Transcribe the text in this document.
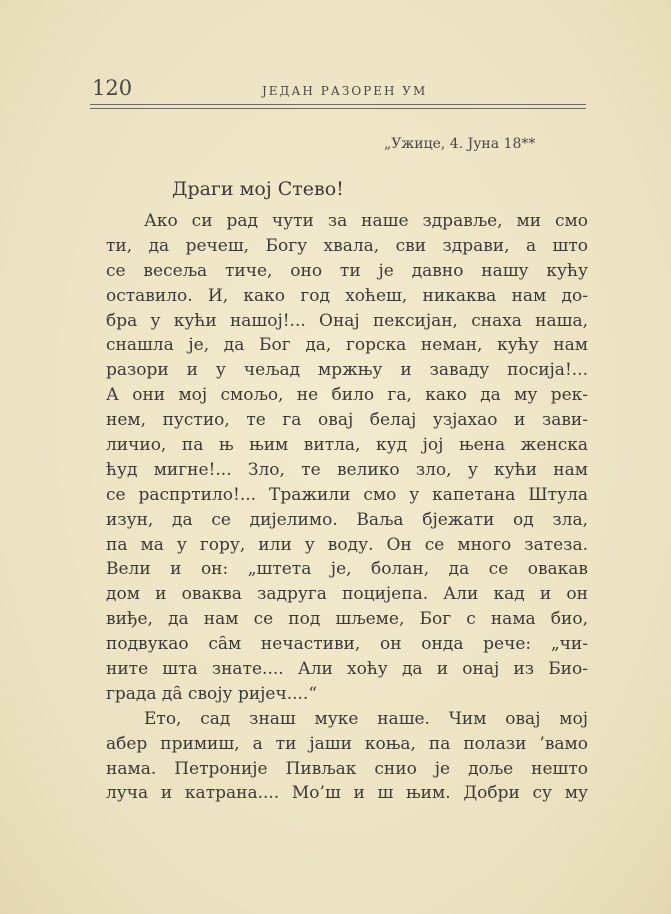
120	ЈЕДАН РАЗОРЕН УМ
„Ужице, 4. Јуна 18**
Драги мој Стево!
Ако си рад чути за наше здравље, ми смо
ти, да речеш, Богу хвала, сви здрави, а што
се весеља тиче, оно ти је давно нашу кућу
оставило. И, како год хоћеш, никаква нам до-
бра у кући нашој!... Онај пексијан, снаха наша,
снашла је, да Бог да, горска неман, кућу нам
разори и у чељад мржњу и заваду посија!...
А они мој смољо, не било га, како да му рек-
нем, пустио, те га овај белај узјахао и зави-
личио, па њ њим витла, куд јој њена женска
ћуд мигне!... Зло, те велико зло, у кући нам
се распртило!... Тражили смо у капетана Штула
изун, да се дијелимо. Ваља бјежати од зла,
па ма у гору, или у воду. Он се много затеза.
Вели и он: „штета је, болан, да се овакав
дом и оваква задруга поцијепа. Али кад и он
виђе, да нам се под шљеме, Бог с нама био,
подвукао са̑м нечастиви, он онда рече: „чи-
ните шта знате.... Али хоћу да и онај из Био-
града да̑ своју ријеч....“
Ето, сад знаш муке наше. Чим овај мој
абер примиш, а ти јаши коња, па полази ’вамо
нама. Петроније Пивљак снио је доље нешто
луча и катрана.... Мо’ш и ш њим. Добри су му
